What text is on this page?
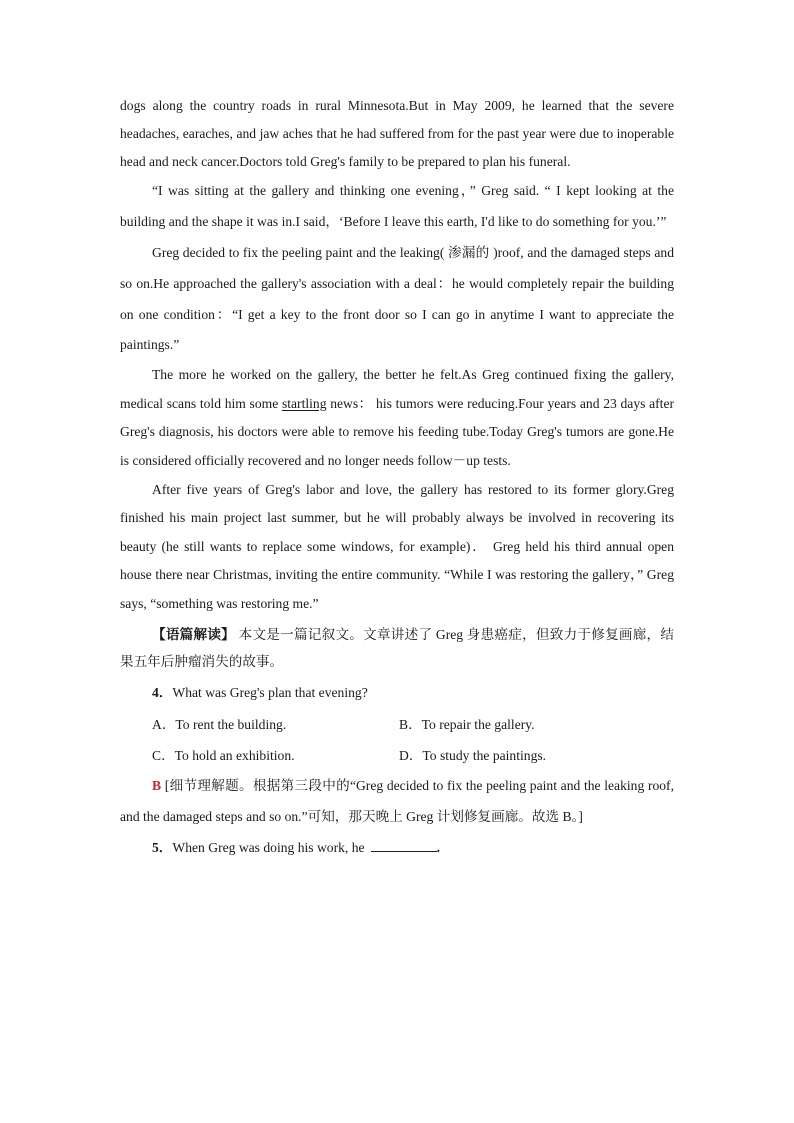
dogs along the country roads in rural Minnesota.But in May 2009, he learned that the severe headaches, earaches, and jaw aches that he had suffered from for the past year were due to inoperable head and neck cancer.Doctors told Greg's family to be prepared to plan his funeral.

“I was sitting at the gallery and thinking one evening，” Greg said. “ I kept looking at the building and the shape it was in.I said，‘Before I leave this earth, I'd like to do something for you.’”

Greg decided to fix the peeling paint and the leaking( 渗漏的 )roof, and the damaged steps and so on.He approached the gallery's association with a deal：he would completely repair the building on one condition：“I get a key to the front door so I can go in anytime I want to appreciate the paintings.”

The more he worked on the gallery, the better he felt.As Greg continued fixing the gallery, medical scans told him some startling news： his tumors were reducing.Four years and 23 days after Greg's diagnosis, his doctors were able to remove his feeding tube.Today Greg's tumors are gone.He is considered officially recovered and no longer needs follow－up tests.

After five years of Greg's labor and love, the gallery has restored to its former glory.Greg finished his main project last summer, but he will probably always be involved in recovering its beauty (he still wants to replace some windows, for example)． Greg held his third annual open house there near Christmas, inviting the entire community. “While I was restoring the gallery，” Greg says, “something was restoring me.”

【语篇解读】 本文是一篇记叙文。文章讲述了 Greg 身患癌症，但致力于修复画廊，结果五年后肿瘤消失的故事。

4．What was Greg's plan that evening?

A．To rent the building.	B．To repair the gallery.
C．To hold an exhibition.	D．To study the paintings.

B [细节理解题。根据第三段中的“Greg decided to fix the peeling paint and the leaking roof, and the damaged steps and so on.”可知，那天晚上 Greg 计划修复画廊。故选 B。]

5．When Greg was doing his work, he	.
